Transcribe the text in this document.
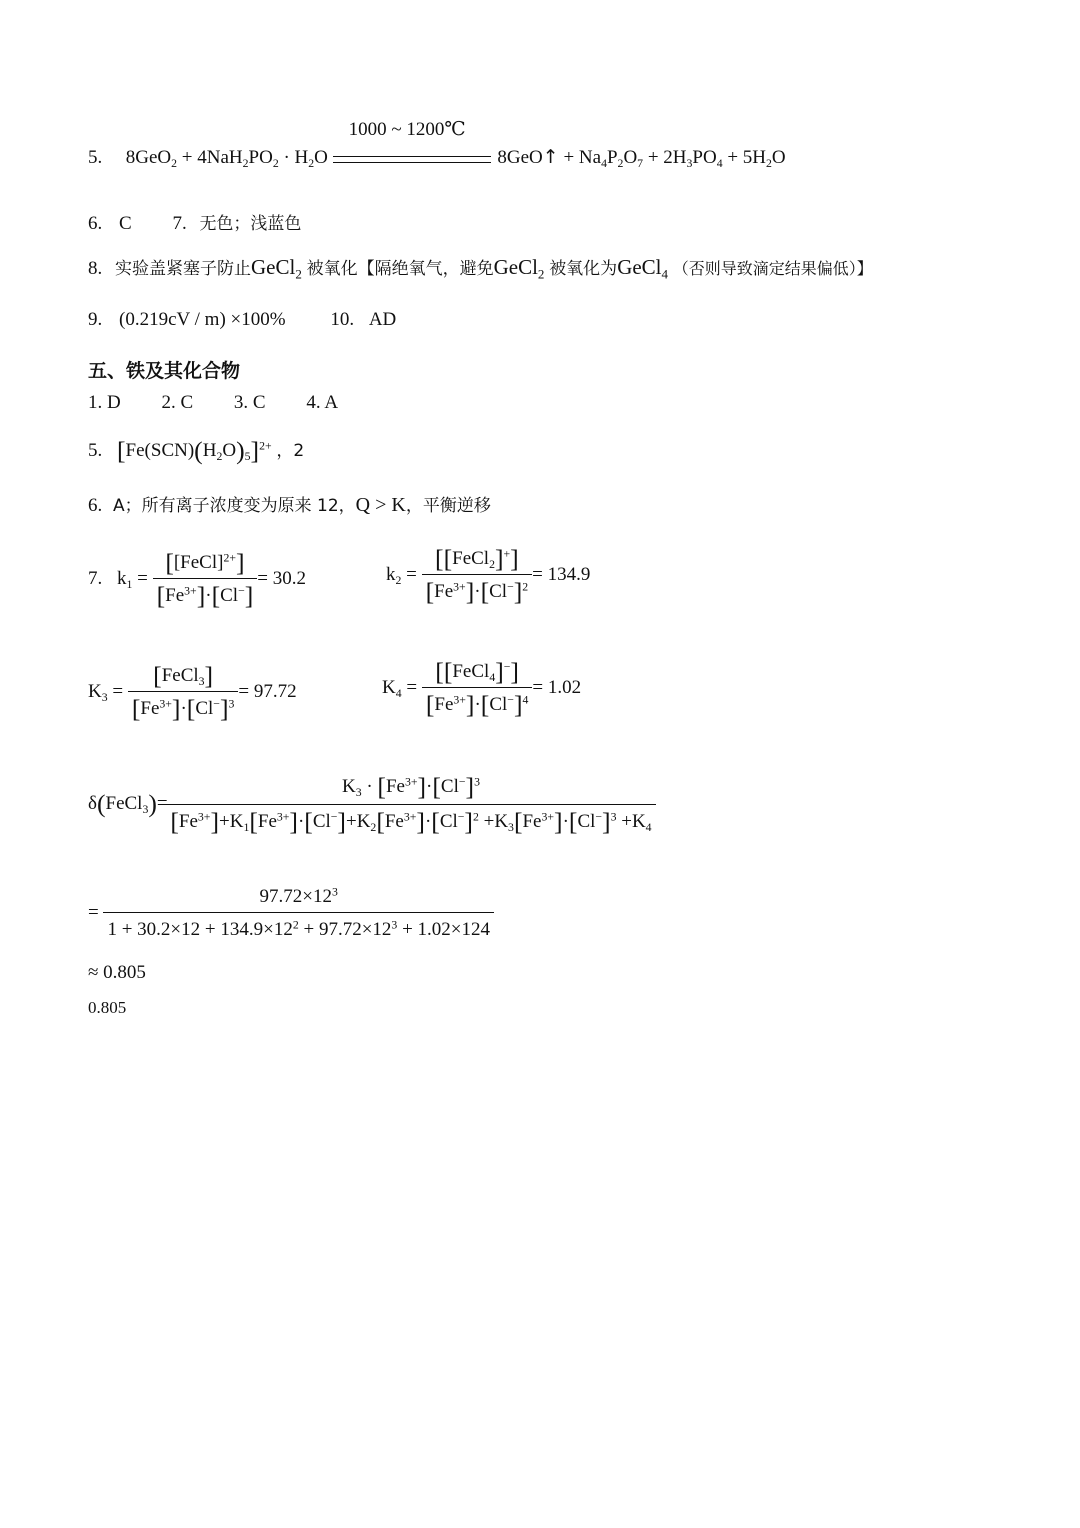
5. $8GeO_2 + 4NaH_2PO_2 \cdot H_2O$
1000 ~ 1200℃
8GeO↑ + $Na_4P_2O_7 + 2H_3PO_4 + 5H_2O$
6. C 7. 无色；浅蓝色
8. 实验盖紧塞子防止GeCl$_2$ 被氧化【隔绝氧气，避免GeCl$_2$ 被氧化为GeCl$_4$ （否则导致滴定结果偏低）】
9. (0.219cV / m) ×100% 10. AD
五、铁及其化合物
1. D 2. C 3. C 4. A
5. $[Fe(SCN)(H_2O)_5]^{2+}$ ，2
6. A；所有离子浓度变为原来 12，Q > K，平衡逆移
7. $k_1 = \frac{[[FeCl]^{2+}]}{[Fe^{3+}]\cdot[Cl^-]} = 30.2$	$k_2 = \frac{[[FeCl_2]^+]}{[Fe^{3+}]\cdot[Cl^-]^2} = 134.9$
$K_3 = \frac{[FeCl_3]}{[Fe^{3+}]\cdot[Cl^-]^3} = 97.72$	$K_4 = \frac{[[FeCl_4]^-]}{[Fe^{3+}]\cdot[Cl^-]^4} = 1.02$
δ(FeCl$_3$)=
$\frac{K_3 \cdot [Fe^{3+}]\cdot[Cl^-]^3}{[Fe^{3+}]+K_1[Fe^{3+}]\cdot[Cl^-]+K_2[Fe^{3+}]\cdot[Cl^-]^2 +K_3[Fe^{3+}]\cdot[Cl^-]^3 +K_4}$
= $\frac{97.72\times 12^3}{1 + 30.2\times 12 + 134.9\times 12^2 + 97.72\times 12^3 + 1.02\times 124}$
≈ 0.805
0.805
